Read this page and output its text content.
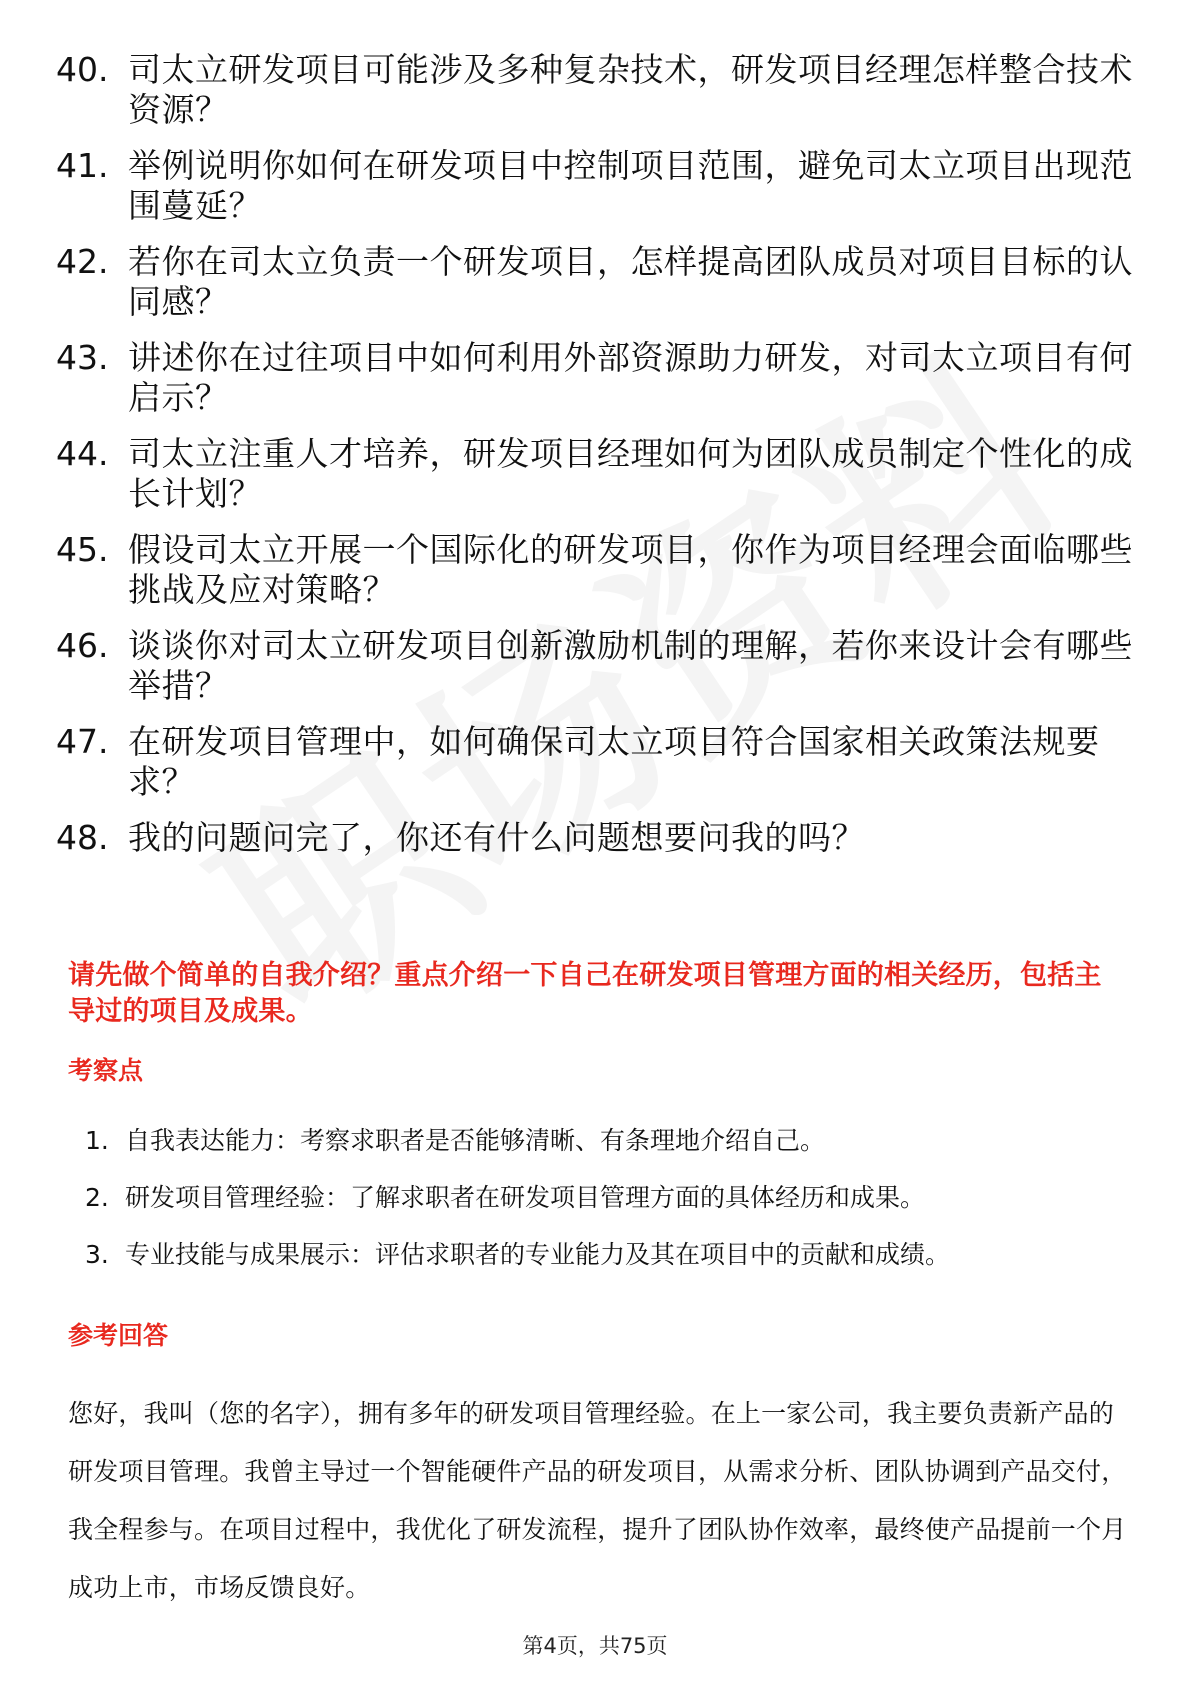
40. 司太立研发项目可能涉及多种复杂技术，研发项目经理怎样整合技术资源？
41. 举例说明你如何在研发项目中控制项目范围，避免司太立项目出现范围蔓延？
42. 若你在司太立负责一个研发项目，怎样提高团队成员对项目目标的认同感？
43. 讲述你在过往项目中如何利用外部资源助力研发，对司太立项目有何启示？
44. 司太立注重人才培养，研发项目经理如何为团队成员制定个性化的成长计划？
45. 假设司太立开展一个国际化的研发项目，你作为项目经理会面临哪些挑战及应对策略？
46. 谈谈你对司太立研发项目创新激励机制的理解，若你来设计会有哪些举措？
47. 在研发项目管理中，如何确保司太立项目符合国家相关政策法规要求？
48. 我的问题问完了，你还有什么问题想要问我的吗？

请先做个简单的自我介绍？重点介绍一下自己在研发项目管理方面的相关经历，包括主导过的项目及成果。

考察点
1. 自我表达能力：考察求职者是否能够清晰、有条理地介绍自己。
2. 研发项目管理经验：了解求职者在研发项目管理方面的具体经历和成果。
3. 专业技能与成果展示：评估求职者的专业能力及其在项目中的贡献和成绩。
参考回答

您好，我叫（您的名字），拥有多年的研发项目管理经验。在上一家公司，我主要负责新产品的研发项目管理。我曾主导过一个智能硬件产品的研发项目，从需求分析、团队协调到产品交付，我全程参与。在项目过程中，我优化了研发流程，提升了团队协作效率，最终使产品提前一个月成功上市，市场反馈良好。

第4页，共75页
